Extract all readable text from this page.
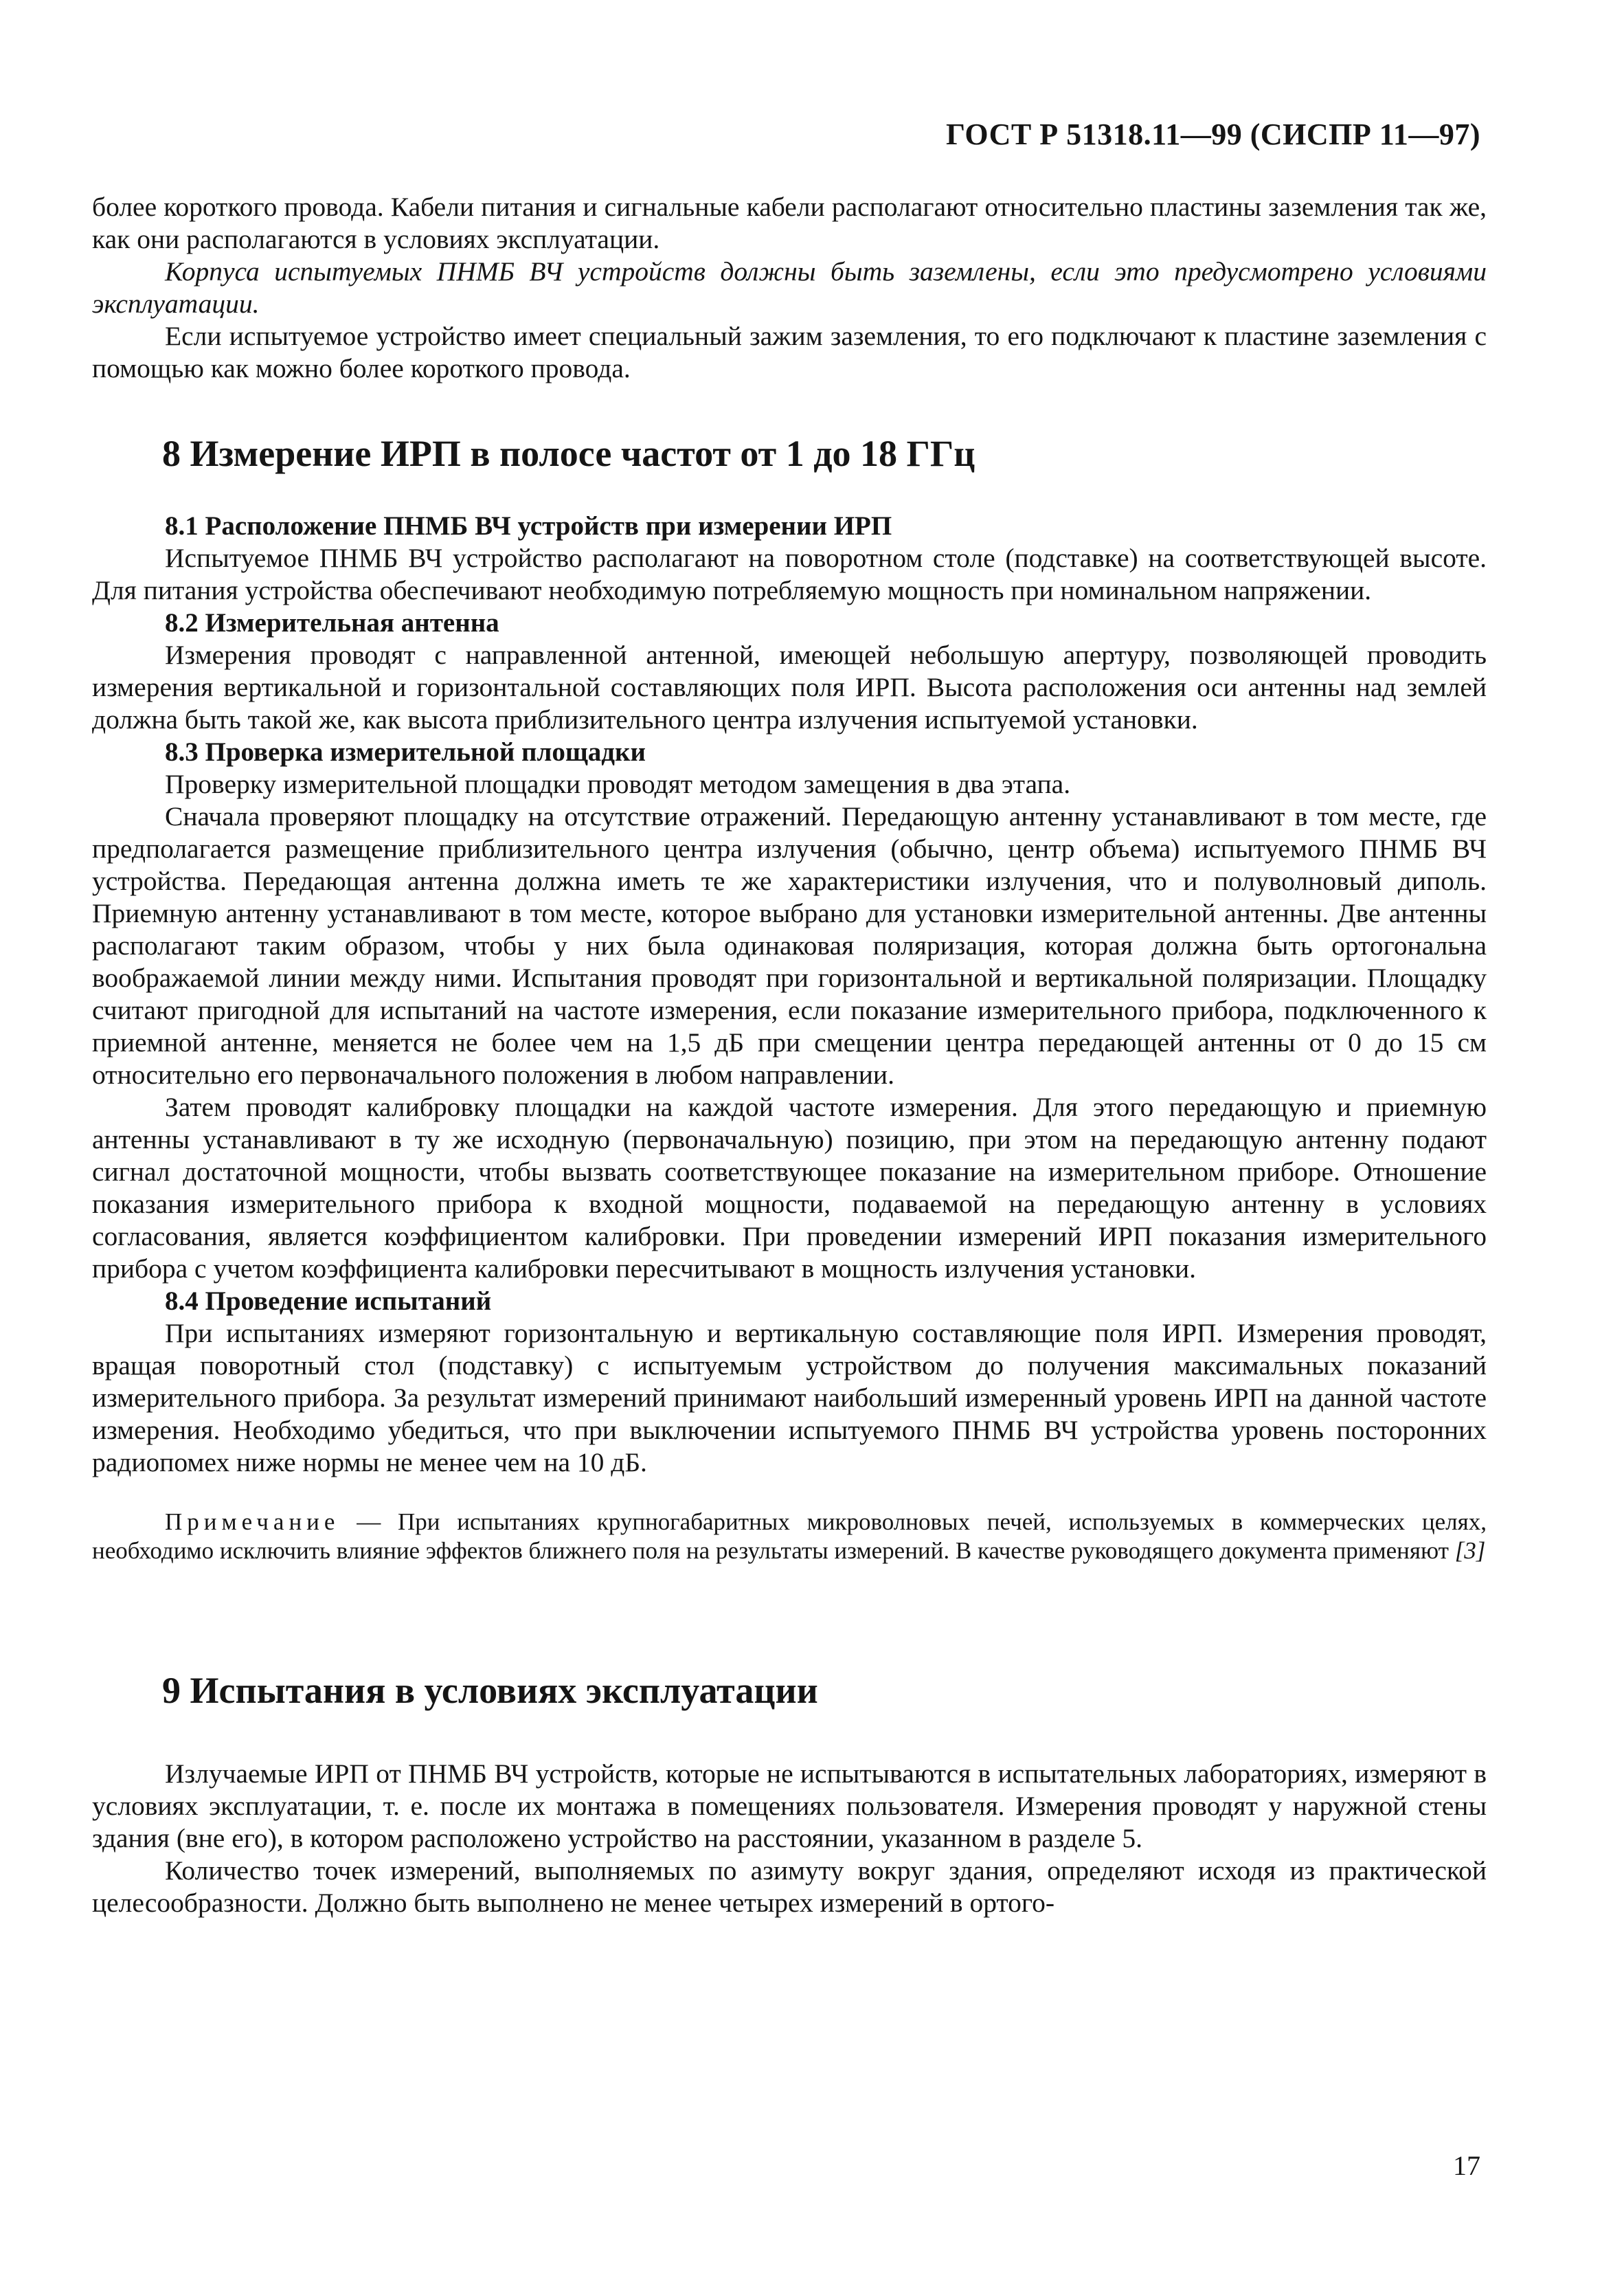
ГОСТ Р 51318.11—99 (СИСПР 11—97)

более короткого провода. Кабели питания и сигнальные кабели располагают относительно пластины заземления так же, как они располагаются в условиях эксплуатации.

Корпуса испытуемых ПНМБ ВЧ устройств должны быть заземлены, если это предусмотрено условиями эксплуатации.

Если испытуемое устройство имеет специальный зажим заземления, то его подключают к пластине заземления с помощью как можно более короткого провода.

8 Измерение ИРП в полосе частот от 1 до 18 ГГц
8.1 Расположение ПНМБ ВЧ устройств при измерении ИРП

Испытуемое ПНМБ ВЧ устройство располагают на поворотном столе (подставке) на соответствующей высоте. Для питания устройства обеспечивают необходимую потребляемую мощность при номинальном напряжении.

8.2 Измерительная антенна

Измерения проводят с направленной антенной, имеющей небольшую апертуру, позволяющей проводить измерения вертикальной и горизонтальной составляющих поля ИРП. Высота расположения оси антенны над землей должна быть такой же, как высота приблизительного центра излучения испытуемой установки.

8.3 Проверка измерительной площадки

Проверку измерительной площадки проводят методом замещения в два этапа.

Сначала проверяют площадку на отсутствие отражений. Передающую антенну устанавливают в том месте, где предполагается размещение приблизительного центра излучения (обычно, центр объема) испытуемого ПНМБ ВЧ устройства. Передающая антенна должна иметь те же характеристики излучения, что и полуволновый диполь. Приемную антенну устанавливают в том месте, которое выбрано для установки измерительной антенны. Две антенны располагают таким образом, чтобы у них была одинаковая поляризация, которая должна быть ортогональна воображаемой линии между ними. Испытания проводят при горизонтальной и вертикальной поляризации. Площадку считают пригодной для испытаний на частоте измерения, если показание измерительного прибора, подключенного к приемной антенне, меняется не более чем на 1,5 дБ при смещении центра передающей антенны от 0 до 15 см относительно его первоначального положения в любом направлении.

Затем проводят калибровку площадки на каждой частоте измерения. Для этого передающую и приемную антенны устанавливают в ту же исходную (первоначальную) позицию, при этом на передающую антенну подают сигнал достаточной мощности, чтобы вызвать соответствующее показание на измерительном приборе. Отношение показания измерительного прибора к входной мощности, подаваемой на передающую антенну в условиях согласования, является коэффициентом калибровки. При проведении измерений ИРП показания измерительного прибора с учетом коэффициента калибровки пересчитывают в мощность излучения установки.

8.4 Проведение испытаний

При испытаниях измеряют горизонтальную и вертикальную составляющие поля ИРП. Измерения проводят, вращая поворотный стол (подставку) с испытуемым устройством до получения максимальных показаний измерительного прибора. За результат измерений принимают наибольший измеренный уровень ИРП на данной частоте измерения. Необходимо убедиться, что при выключении испытуемого ПНМБ ВЧ устройства уровень посторонних радиопомех ниже нормы не менее чем на 10 дБ.

Примечание — При испытаниях крупногабаритных микроволновых печей, используемых в коммерческих целях, необходимо исключить влияние эффектов ближнего поля на результаты измерений. В качестве руководящего документа применяют [3]

9 Испытания в условиях эксплуатации

Излучаемые ИРП от ПНМБ ВЧ устройств, которые не испытываются в испытательных лабораториях, измеряют в условиях эксплуатации, т. е. после их монтажа в помещениях пользователя. Измерения проводят у наружной стены здания (вне его), в котором расположено устройство на расстоянии, указанном в разделе 5.

Количество точек измерений, выполняемых по азимуту вокруг здания, определяют исходя из практической целесообразности. Должно быть выполнено не менее четырех измерений в ортого-

17
